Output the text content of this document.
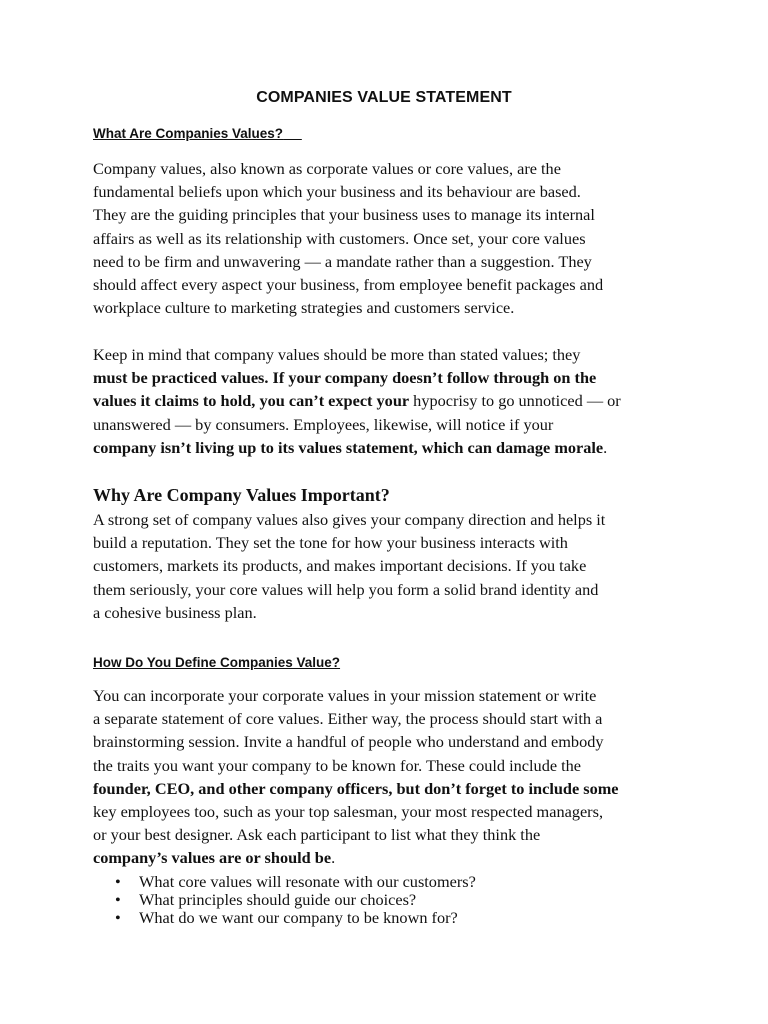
COMPANIES VALUE STATEMENT

What Are Companies Values?

Company values, also known as corporate values or core values, are the
fundamental beliefs upon which your business and its behaviour are based.
They are the guiding principles that your business uses to manage its internal
affairs as well as its relationship with customers. Once set, your core values
need to be firm and unwavering — a mandate rather than a suggestion. They
should affect every aspect your business, from employee benefit packages and
workplace culture to marketing strategies and customers service.
Keep in mind that company values should be more than stated values; they
must be practiced values. If your company doesn’t follow through on the
values it claims to hold, you can’t expect your hypocrisy to go unnoticed — or
unanswered — by consumers. Employees, likewise, will notice if your
company isn’t living up to its values statement, which can damage morale.
Why Are Company Values Important?
A strong set of company values also gives your company direction and helps it
build a reputation. They set the tone for how your business interacts with
customers, markets its products, and makes important decisions. If you take
them seriously, your core values will help you form a solid brand identity and
a cohesive business plan.

How Do You Define Companies Value?

You can incorporate your corporate values in your mission statement or write
a separate statement of core values. Either way, the process should start with a
brainstorming session. Invite a handful of people who understand and embody
the traits you want your company to be known for. These could include the
founder, CEO, and other company officers, but don’t forget to include some
key employees too, such as your top salesman, your most respected managers,
or your best designer. Ask each participant to list what they think the
company’s values are or should be.
• What core values will resonate with our customers?
• What principles should guide our choices?
• What do we want our company to be known for?
